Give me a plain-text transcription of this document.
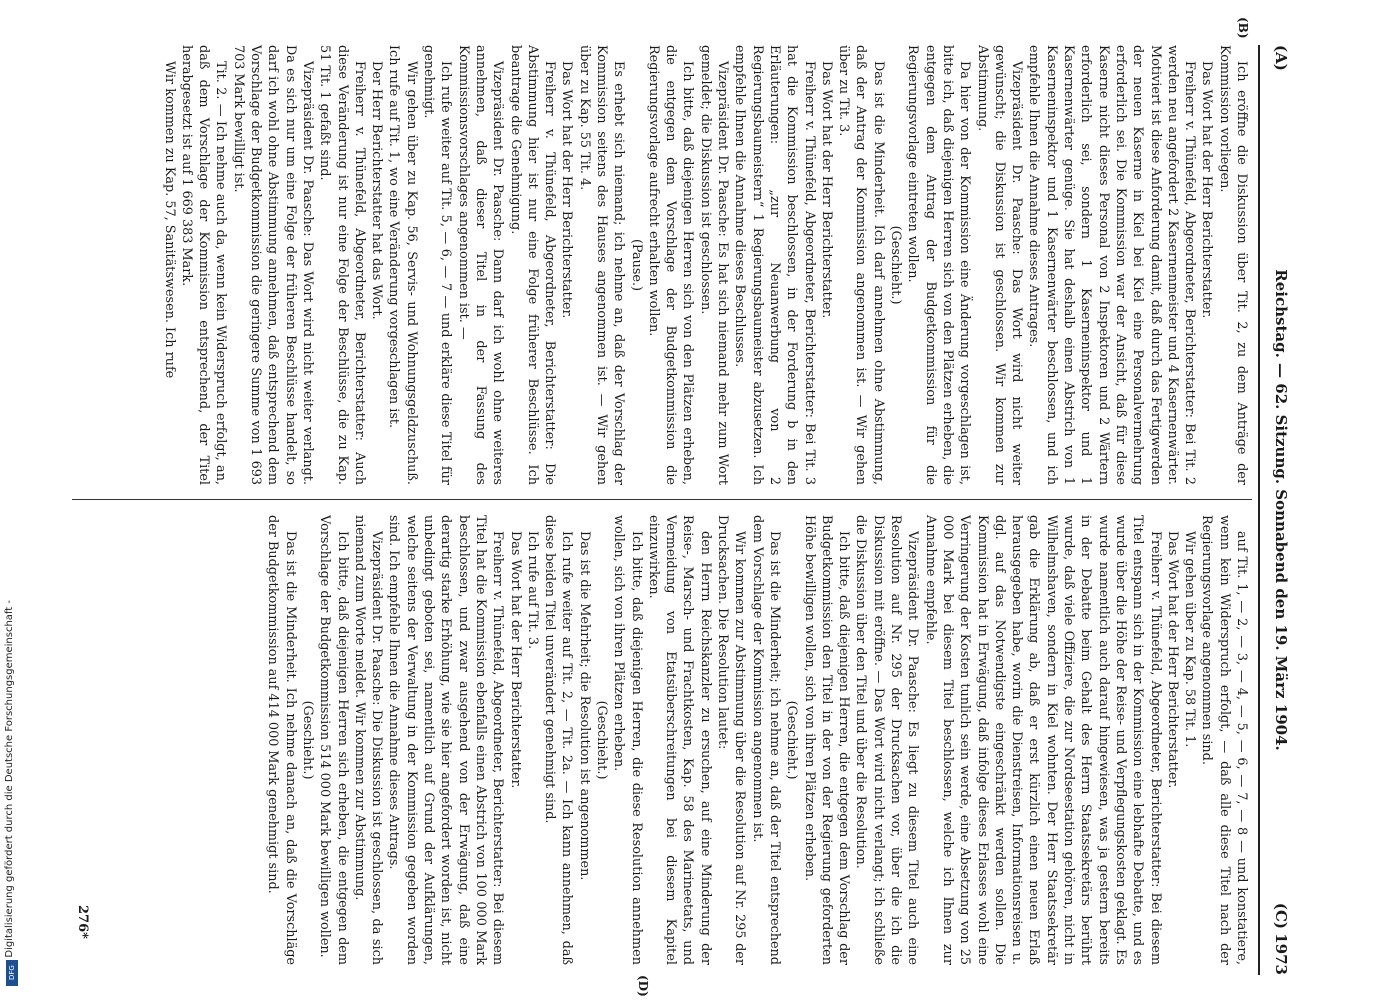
(A)
Reichstag. — 62. Sitzung. Sonnabend den 19. März 1904.
(C)
1973
(B)
(D)

Ich eröffne die Diskussion über Tit. 2, zu dem Anträge der Kommission vorliegen.

Das Wort hat der Herr Berichterstatter.

Freiherr v. Thünefeld, Abgeordneter, Berichterstatter: Bei Tit. 2 werden neu angefordert 2 Kasernenmeister und 4 Kasernenwärter. Motiviert ist diese Anforderung damit, daß durch das Fertigwerden der neuen Kaserne in Kiel bei Kiel eine Personalvermehrung erforderlich sei. Die Kommission war der Ansicht, daß für diese Kaserne nicht dieses Personal von 2 Inspektoren und 2 Wärtern erforderlich sei, sondern 1 Kaserneninspektor und 1 Kasernenwärter genüge. Sie hat deshalb einen Abstrich von 1 Kaserneninspektor und 1 Kasernenwärter beschlossen, und ich empfehle Ihnen die Annahme dieses Antrages.

Vizepräsident Dr. Paasche: Das Wort wird nicht weiter gewünscht; die Diskussion ist geschlossen. Wir kommen zur Abstimmung.

Da hier von der Kommission eine Änderung vorgeschlagen ist, bitte ich, daß diejenigen Herren sich von den Plätzen erheben, die entgegen dem Antrag der Budgetkommission für die Regierungsvorlage eintreten wollen.

(Geschieht.)

Das ist die Minderheit. Ich darf annehmen ohne Abstimmung, daß der Antrag der Kommission angenommen ist. — Wir gehen über zu Tit. 3.

Das Wort hat der Herr Berichterstatter.

Freiherr v. Thünefeld, Abgeordneter, Berichterstatter: Bei Tit. 3 hat die Kommission beschlossen, in der Forderung b in den Erläuterungen: „zur Neuanwerbung von 2 Regierungsbaumeistern“ 1 Regierungsbaumeister abzusetzen. Ich empfehle Ihnen die Annahme dieses Beschlusses.

Vizepräsident Dr. Paasche: Es hat sich niemand mehr zum Wort gemeldet; die Diskussion ist geschlossen.

Ich bitte, daß diejenigen Herren sich von den Plätzen erheben, die entgegen dem Vorschlage der Budgetkommission die Regierungsvorlage aufrecht erhalten wollen.

(Pause.)

Es erhebt sich niemand; ich nehme an, daß der Vorschlag der Kommission seitens des Hauses angenommen ist. — Wir gehen über zu Kap. 55 Tit. 4.

Das Wort hat der Herr Berichterstatter.

Freiherr v. Thünefeld, Abgeordneter, Berichterstatter: Die Abstimmung hier ist nur eine Folge früherer Beschlüsse. Ich beantrage die Genehmigung.

Vizepräsident Dr. Paasche: Dann darf ich wohl ohne weiteres annehmen, daß dieser Titel in der Fassung des Kommissionsvorschlages angenommen ist. —

Ich rufe weiter auf Tit. 5, — 6, — 7 — und erkläre diese Titel für genehmigt.

Wir gehen über zu Kap. 56, Servis- und Wohnungsgeldzuschuß. Ich rufe auf Tit. 1, wo eine Veränderung vorgeschlagen ist.

Der Herr Berichterstatter hat das Wort.

Freiherr v. Thünefeld, Abgeordneter, Berichterstatter: Auch diese Veränderung ist nur eine Folge der Beschlüsse, die zu Kap. 51 Tit. 1 gefaßt sind.

Vizepräsident Dr. Paasche: Das Wort wird nicht weiter verlangt. Da es sich nur um eine Folge der früheren Beschlüsse handelt, so darf ich wohl ohne Abstimmung annehmen, daß entsprechend dem Vorschlage der Budgetkommission die geringere Summe von 1 693 703 Mark bewilligt ist.

Tit. 2. — Ich nehme auch da, wenn kein Widerspruch erfolgt, an, daß dem Vorschlage der Kommission entsprechend, der Titel herabgesetzt ist auf 1 669 383 Mark.

Wir kommen zu Kap. 57, Sanitätswesen. Ich rufe

auf Tit. 1, — 2, — 3, — 4, — 5, — 6, — 7, — 8 — und konstatiere, wenn kein Widerspruch erfolgt, — daß alle diese Titel nach der Regierungsvorlage angenommen sind.

Wir gehen über zu Kap. 58 Tit. 1.

Das Wort hat der Herr Berichterstatter.

Freiherr v. Thünefeld, Abgeordneter, Berichterstatter: Bei diesem Titel entspann sich in der Kommission eine lebhafte Debatte, und es wurde über die Höhe der Reise- und Verpflegungskosten geklagt. Es wurde namentlich auch darauf hingewiesen, was ja gestern bereits in der Debatte beim Gehalt des Herrn Staatssekretärs berührt wurde, daß viele Offiziere, die zur Nordseestation gehören, nicht in Wilhelmshaven, sondern in Kiel wohnten. Der Herr Staatssekretär gab die Erklärung ab, daß er erst kürzlich einen neuen Erlaß herausgegeben habe, worin die Dienstreisen, Informationsreisen u. dgl. auf das Notwendigste eingeschränkt werden sollen. Die Kommission hat in Erwägung, daß infolge dieses Erlasses wohl eine Verringerung der Kosten tunlich sein werde, eine Absetzung von 25 000 Mark bei diesem Titel beschlossen, welche ich Ihnen zur Annahme empfehle.

Vizepräsident Dr. Paasche: Es liegt zu diesem Titel auch eine Resolution auf Nr. 295 der Drucksachen vor, über die ich die Diskussion mit eröffne. — Das Wort wird nicht verlangt; ich schließe die Diskussion über den Titel und über die Resolution.

Ich bitte, daß diejenigen Herren, die entgegen dem Vorschlag der Budgetkommission den Titel in der von der Regierung geforderten Höhe bewilligen wollen, sich von ihren Plätzen erheben.

(Geschieht.)

Das ist die Minderheit; ich nehme an, daß der Titel entsprechend dem Vorschlage der Kommission angenommen ist.

Wir kommen zur Abstimmung über die Resolution auf Nr. 295 der Drucksachen. Die Resolution lautet:

den Herrn Reichskanzler zu ersuchen, auf eine Minderung der Reise-, Marsch- und Frachtkosten, Kap. 58 des Marineetats, und Vermeidung von Etatsüberschreitungen bei diesem Kapitel einzuwirken.

Ich bitte, daß diejenigen Herren, die diese Resolution annehmen wollen, sich von ihren Plätzen erheben.

(Geschieht.)

Das ist die Mehrheit; die Resolution ist angenommen.

Ich rufe weiter auf Tit. 2, — Tit. 2a. — Ich kann annehmen, daß diese beiden Titel unverändert genehmigt sind.

Ich rufe auf Tit. 3.

Das Wort hat der Herr Berichterstatter.

Freiherr v. Thünefeld, Abgeordneter, Berichterstatter: Bei diesem Titel hat die Kommission ebenfalls einen Abstrich von 100 000 Mark beschlossen, und zwar ausgehend von der Erwägung, daß eine derartig starke Erhöhung, wie sie hier angefordert worden ist, nicht unbedingt geboten sei, namentlich auf Grund der Aufklärungen, welche seitens der Verwaltung in der Kommission gegeben worden sind. Ich empfehle Ihnen die Annahme dieses Antrags.

Vizepräsident Dr. Paasche: Die Diskussion ist geschlossen, da sich niemand zum Worte meldet. Wir kommen zur Abstimmung.

Ich bitte, daß diejenigen Herren sich erheben, die entgegen dem Vorschlage der Budgetkommission 514 000 Mark bewilligen wollen.

(Geschieht.)

Das ist die Minderheit. Ich nehme danach an, daß die Vorschläge der Budgetkommission auf 414 000 Mark genehmigt sind.

276*
Digitalisierung gefördert durch die Deutsche Forschungsgemeinschaft -
DFG
